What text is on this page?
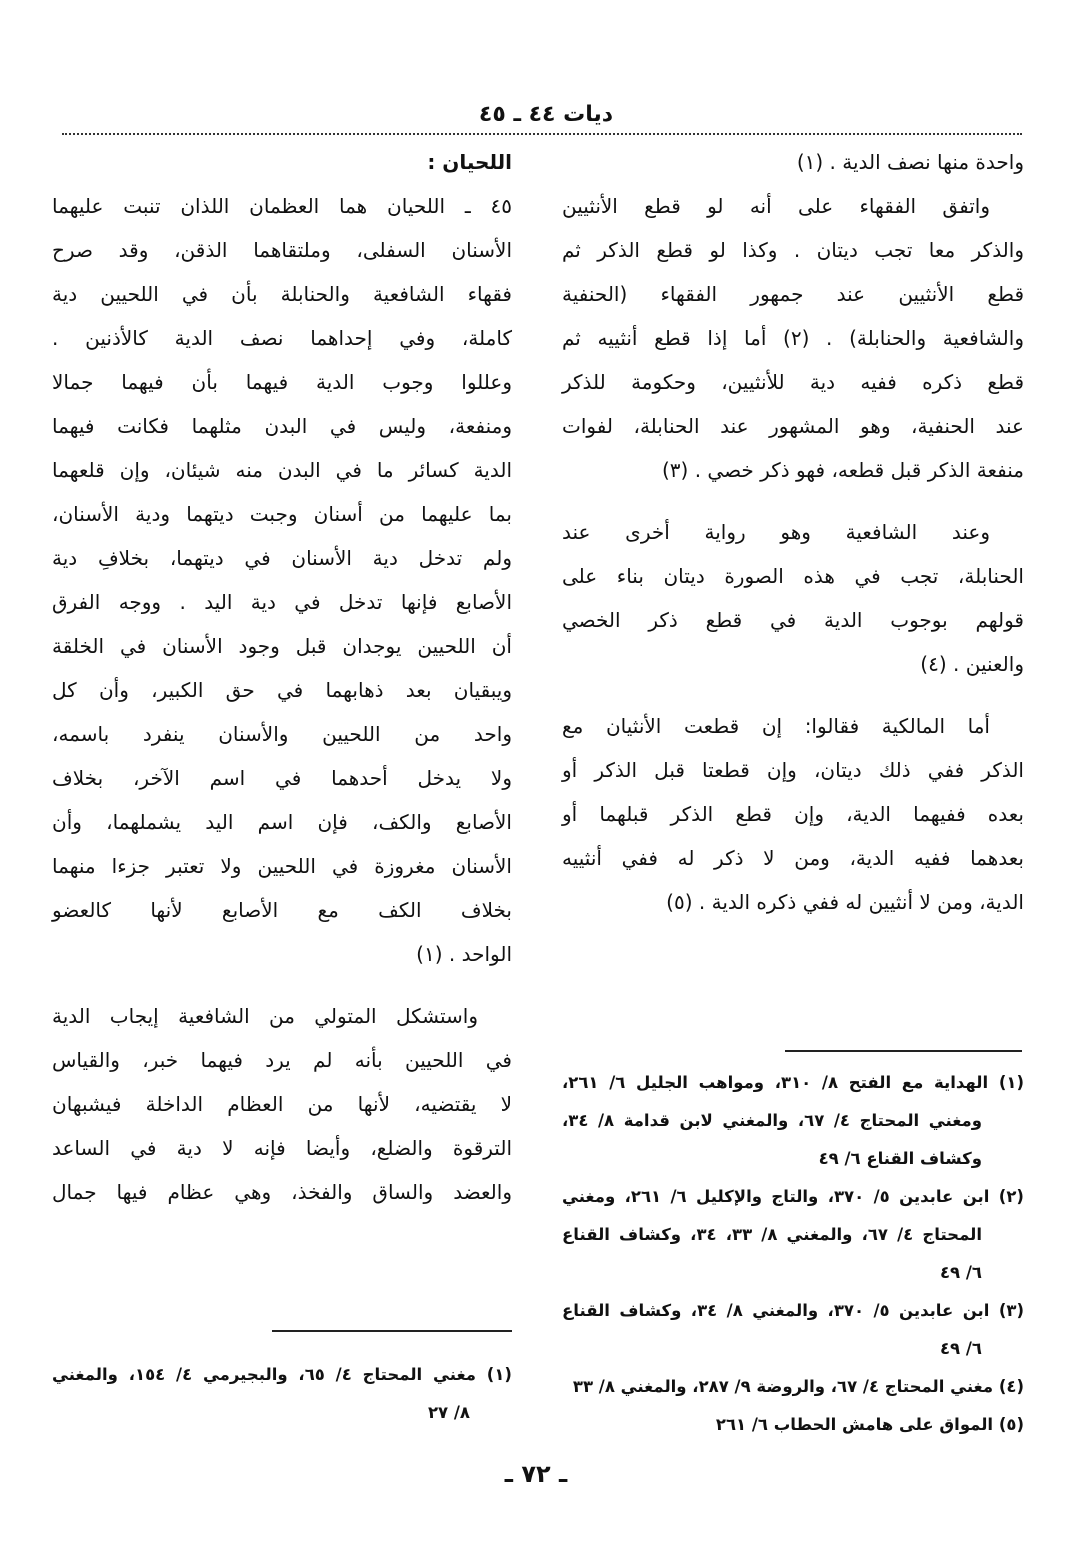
ديات ٤٤ ـ ٤٥
واحدة منها نصف الدية . (١)
واتفق الفقهاء على أنه لو قطع الأنثيين
والذكر معا تجب ديتان . وكذا لو قطع الذكر ثم
قطع الأنثيين عند جمهور الفقهاء (الحنفية
والشافعية والحنابلة) . (٢) أما إذا قطع أنثييه ثم
قطع ذكره ففيه دية للأنثيين، وحكومة للذكر
عند الحنفية، وهو المشهور عند الحنابلة، لفوات
منفعة الذكر قبل قطعه، فهو ذكر خصي . (٣)
وعند الشافعية وهو رواية أخرى عند
الحنابلة، تجب في هذه الصورة ديتان بناء على
قولهم بوجوب الدية في قطع ذكر الخصي
والعنين . (٤)
أما المالكية فقالوا: إن قطعت الأنثيان مع
الذكر ففي ذلك ديتان، وإن قطعتا قبل الذكر أو
بعده ففيهما الدية، وإن قطع الذكر قبلهما أو
بعدهما ففيه الدية، ومن لا ذكر له ففي أنثييه
الدية، ومن لا أنثيين له ففي ذكره الدية . (٥)
اللحيان :
٤٥ ـ اللحيان هما العظمان اللذان تنبت عليهما
الأسنان السفلى، وملتقاهما الذقن، وقد صرح
فقهاء الشافعية والحنابلة بأن في اللحيين دية
كاملة، وفي إحداهما نصف الدية كالأذنين .
وعللوا وجوب الدية فيهما بأن فيهما جمالا
ومنفعة، وليس في البدن مثلهما فكانت فيهما
الدية كسائر ما في البدن منه شيئان، وإن قلعهما
بما عليهما من أسنان وجبت ديتهما ودية الأسنان،
ولم تدخل دية الأسنان في ديتهما، بخلافِ دية
الأصابع فإنها تدخل في دية اليد . ووجه الفرق
أن اللحيين يوجدان قبل وجود الأسنان في الخلقة
ويبقيان بعد ذهابهما في حق الكبير، وأن كل
واحد من اللحيين والأسنان ينفرد باسمه،
ولا يدخل أحدهما في اسم الآخر، بخلاف
الأصابع والكف، فإن اسم اليد يشملهما، وأن
الأسنان مغروزة في اللحيين ولا تعتبر جزءا منهما
بخلاف الكف مع الأصابع لأنها كالعضو
الواحد . (١)
واستشكل المتولي من الشافعية إيجاب الدية
في اللحيين بأنه لم يرد فيهما خبر، والقياس
لا يقتضيه، لأنها من العظام الداخلة فيشبهان
الترقوة والضلع، وأيضا فإنه لا دية في الساعد
والعضد والساق والفخذ، وهي عظام فيها جمال
(١) الهداية مع الفتح ٨/ ٣١٠، ومواهب الجليل ٦/ ٢٦١،
ومغني المحتاج ٤/ ٦٧، والمغني لابن قدامة ٨/ ٣٤،
وكشاف القناع ٦/ ٤٩
(٢) ابن عابدين ٥/ ٣٧٠، والتاج والإكليل ٦/ ٢٦١، ومغني
المحتاج ٤/ ٦٧، والمغني ٨/ ٣٣، ٣٤، وكشاف القناع
٦/ ٤٩
(٣) ابن عابدين ٥/ ٣٧٠، والمغني ٨/ ٣٤، وكشاف القناع
٦/ ٤٩
(٤) مغني المحتاج ٤/ ٦٧، والروضة ٩/ ٢٨٧، والمغني ٨/ ٣٣
(٥) المواق على هامش الحطاب ٦/ ٢٦١
(١) مغني المحتاج ٤/ ٦٥، والبجيرمي ٤/ ١٥٤، والمغني
٨/ ٢٧
ـ ٧٢ ـ
